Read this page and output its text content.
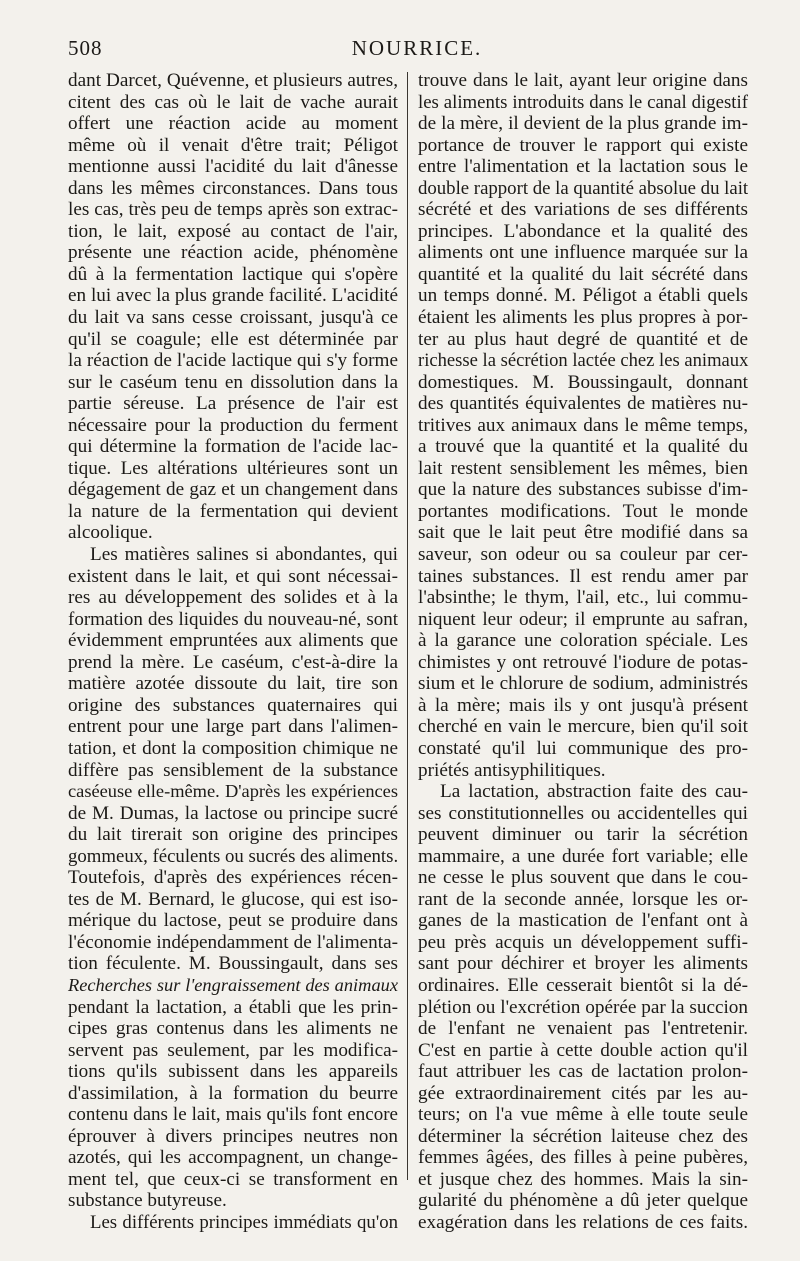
508	NOURRICE.
dant Darcet, Quévenne, et plusieurs autres,
citent des cas où le lait de vache aurait
offert une réaction acide au moment
même où il venait d'être trait; Péligot
mentionne aussi l'acidité du lait d'ânesse
dans les mêmes circonstances. Dans tous
les cas, très peu de temps après son extrac-
tion, le lait, exposé au contact de l'air,
présente une réaction acide, phénomène
dû à la fermentation lactique qui s'opère
en lui avec la plus grande facilité. L'acidité
du lait va sans cesse croissant, jusqu'à ce
qu'il se coagule; elle est déterminée par
la réaction de l'acide lactique qui s'y forme
sur le caséum tenu en dissolution dans la
partie séreuse. La présence de l'air est
nécessaire pour la production du ferment
qui détermine la formation de l'acide lac-
tique. Les altérations ultérieures sont un
dégagement de gaz et un changement dans
la nature de la fermentation qui devient
alcoolique.
Les matières salines si abondantes, qui
existent dans le lait, et qui sont nécessai-
res au développement des solides et à la
formation des liquides du nouveau-né, sont
évidemment empruntées aux aliments que
prend la mère. Le caséum, c'est-à-dire la
matière azotée dissoute du lait, tire son
origine des substances quaternaires qui
entrent pour une large part dans l'alimen-
tation, et dont la composition chimique ne
diffère pas sensiblement de la substance
caséeuse elle-même. D'après les expériences
de M. Dumas, la lactose ou principe sucré
du lait tirerait son origine des principes
gommeux, féculents ou sucrés des aliments.
Toutefois, d'après des expériences récen-
tes de M. Bernard, le glucose, qui est iso-
mérique du lactose, peut se produire dans
l'économie indépendamment de l'alimenta-
tion féculente. M. Boussingault, dans ses
Recherches sur l'engraissement des animaux
pendant la lactation, a établi que les prin-
cipes gras contenus dans les aliments ne
servent pas seulement, par les modifica-
tions qu'ils subissent dans les appareils
d'assimilation, à la formation du beurre
contenu dans le lait, mais qu'ils font encore
éprouver à divers principes neutres non
azotés, qui les accompagnent, un change-
ment tel, que ceux-ci se transforment en
substance butyreuse.
Les différents principes immédiats qu'on
trouve dans le lait, ayant leur origine dans
les aliments introduits dans le canal digestif
de la mère, il devient de la plus grande im-
portance de trouver le rapport qui existe
entre l'alimentation et la lactation sous le
double rapport de la quantité absolue du lait
sécrété et des variations de ses différents
principes. L'abondance et la qualité des
aliments ont une influence marquée sur la
quantité et la qualité du lait sécrété dans
un temps donné. M. Péligot a établi quels
étaient les aliments les plus propres à por-
ter au plus haut degré de quantité et de
richesse la sécrétion lactée chez les animaux
domestiques. M. Boussingault, donnant
des quantités équivalentes de matières nu-
tritives aux animaux dans le même temps,
a trouvé que la quantité et la qualité du
lait restent sensiblement les mêmes, bien
que la nature des substances subisse d'im-
portantes modifications. Tout le monde
sait que le lait peut être modifié dans sa
saveur, son odeur ou sa couleur par cer-
taines substances. Il est rendu amer par
l'absinthe; le thym, l'ail, etc., lui commu-
niquent leur odeur; il emprunte au safran,
à la garance une coloration spéciale. Les
chimistes y ont retrouvé l'iodure de potas-
sium et le chlorure de sodium, administrés
à la mère; mais ils y ont jusqu'à présent
cherché en vain le mercure, bien qu'il soit
constaté qu'il lui communique des pro-
priétés antisyphilitiques.
La lactation, abstraction faite des cau-
ses constitutionnelles ou accidentelles qui
peuvent diminuer ou tarir la sécrétion
mammaire, a une durée fort variable; elle
ne cesse le plus souvent que dans le cou-
rant de la seconde année, lorsque les or-
ganes de la mastication de l'enfant ont à
peu près acquis un développement suffi-
sant pour déchirer et broyer les aliments
ordinaires. Elle cesserait bientôt si la dé-
plétion ou l'excrétion opérée par la succion
de l'enfant ne venaient pas l'entretenir.
C'est en partie à cette double action qu'il
faut attribuer les cas de lactation prolon-
gée extraordinairement cités par les au-
teurs; on l'a vue même à elle toute seule
déterminer la sécrétion laiteuse chez des
femmes âgées, des filles à peine pubères,
et jusque chez des hommes. Mais la sin-
gularité du phénomène a dû jeter quelque
exagération dans les relations de ces faits.
